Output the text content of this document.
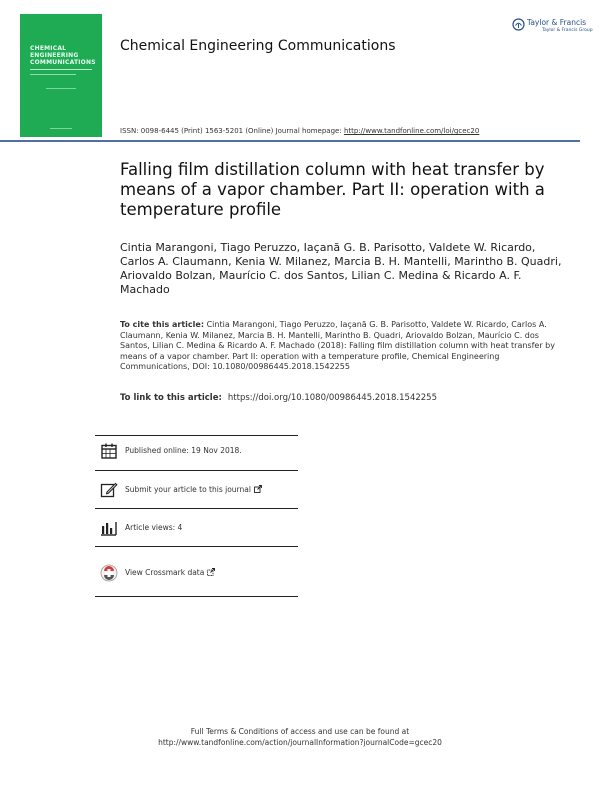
CHEMICAL
ENGINEERING
COMMUNICATIONS
Chemical Engineering Communications
Taylor & Francis
Taylor & Francis Group
ISSN: 0098-6445 (Print) 1563-5201 (Online) Journal homepage: http://www.tandfonline.com/loi/gcec20
Falling film distillation column with heat transfer by means of a vapor chamber. Part II: operation with a temperature profile
Cintia Marangoni, Tiago Peruzzo, Iaçanã G. B. Parisotto, Valdete W. Ricardo, Carlos A. Claumann, Kenia W. Milanez, Marcia B. H. Mantelli, Marintho B. Quadri, Ariovaldo Bolzan, Maurício C. dos Santos, Lilian C. Medina & Ricardo A. F. Machado
To cite this article: Cintia Marangoni, Tiago Peruzzo, Iaçanã G. B. Parisotto, Valdete W. Ricardo, Carlos A. Claumann, Kenia W. Milanez, Marcia B. H. Mantelli, Marintho B. Quadri, Ariovaldo Bolzan, Maurício C. dos Santos, Lilian C. Medina & Ricardo A. F. Machado (2018): Falling film distillation column with heat transfer by means of a vapor chamber. Part II: operation with a temperature profile, Chemical Engineering Communications, DOI: 10.1080/00986445.2018.1542255
To link to this article: https://doi.org/10.1080/00986445.2018.1542255
Published online: 19 Nov 2018.
Submit your article to this journal
Article views: 4
View Crossmark data
Full Terms & Conditions of access and use can be found at
http://www.tandfonline.com/action/journalInformation?journalCode=gcec20
